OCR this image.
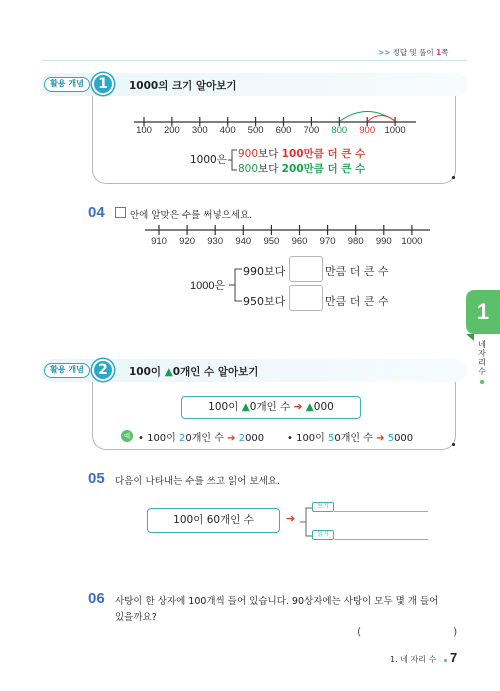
>> 정답 및 풀이 1쪽
활용 개념	1	1000의 크기 알아보기
100 200 300 400 500 600 700 800 900 1000
1000은 900보다 100만큼 더 큰 수
800보다 200만큼 더 큰 수
04	안에 알맞은 수를 써넣으세요.
910 920 930 940 950 960 970 980 990 1000
1000은
990보다	만큼 더 큰 수
950보다	만큼 더 큰 수	1
네 자리 수
활용 개념	2	100이 ▲0개인 수 알아보기
100이 ▲0개인 수 ➔ ▲000
예 • 100이 20개인 수 ➔ 2000 • 100이 50개인 수 ➔ 5000
05 다음이 나타내는 수를 쓰고 읽어 보세요.
100이 60개인 수	➔
쓰기
읽기
06 사탕이 한 상자에 100개씩 들어 있습니다. 90상자에는 사탕이 모두 몇 개 들어
있을까요?
(	)
1. 네 자리 수 7
